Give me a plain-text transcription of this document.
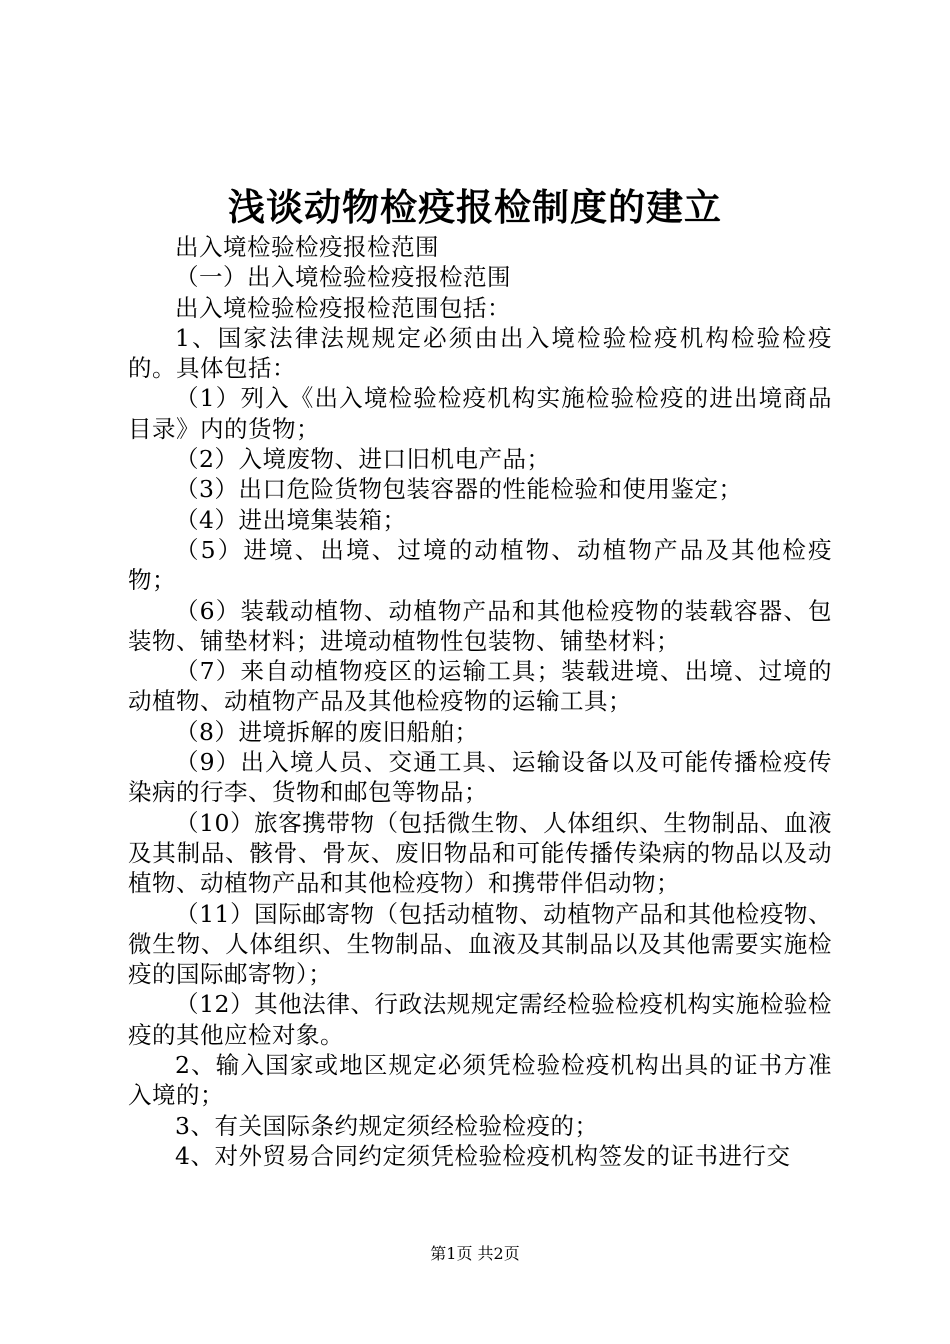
浅谈动物检疫报检制度的建立

出入境检验检疫报检范围

（一）出入境检验检疫报检范围

出入境检验检疫报检范围包括：

1、国家法律法规规定必须由出入境检验检疫机构检验检疫的。具体包括：

（1）列入《出入境检验检疫机构实施检验检疫的进出境商品目录》内的货物；

（2）入境废物、进口旧机电产品；

（3）出口危险货物包装容器的性能检验和使用鉴定；

（4）进出境集装箱；

（5）进境、出境、过境的动植物、动植物产品及其他检疫物；

（6）装载动植物、动植物产品和其他检疫物的装载容器、包装物、铺垫材料；进境动植物性包装物、铺垫材料；

（7）来自动植物疫区的运输工具；装载进境、出境、过境的动植物、动植物产品及其他检疫物的运输工具；

（8）进境拆解的废旧船舶；

（9）出入境人员、交通工具、运输设备以及可能传播检疫传染病的行李、货物和邮包等物品；

（10）旅客携带物（包括微生物、人体组织、生物制品、血液及其制品、骸骨、骨灰、废旧物品和可能传播传染病的物品以及动植物、动植物产品和其他检疫物）和携带伴侣动物；

（11）国际邮寄物（包括动植物、动植物产品和其他检疫物、微生物、人体组织、生物制品、血液及其制品以及其他需要实施检疫的国际邮寄物）；

（12）其他法律、行政法规规定需经检验检疫机构实施检验检疫的其他应检对象。

2、输入国家或地区规定必须凭检验检疫机构出具的证书方准入境的；

3、有关国际条约规定须经检验检疫的；

4、对外贸易合同约定须凭检验检疫机构签发的证书进行交

第1页 共2页
